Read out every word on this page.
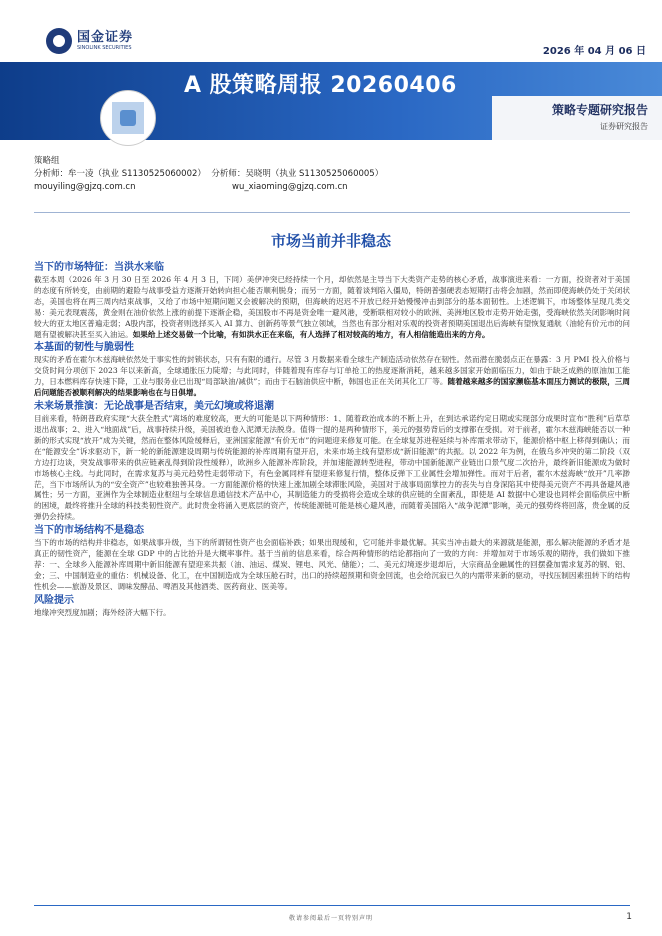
国金证券
SINOLINK SECURITIES	2026 年 04 月 06 日
A 股策略周报 20260406
策略专题研究报告
证券研究报告
策略组
分析师：牟一凌（执业 S1130525060002） 分析师：吴晓明（执业 S1130525060005）
mouyiling@gjzq.com.cn	wu_xiaoming@gjzq.com.cn
市场当前并非稳态
当下的市场特征：当洪水来临

截至本周（2026 年 3 月 30 日至 2026 年 4 月 3 日，下同）美伊冲突已经持续一个月，却依然是主导当下大类资产走势的核心矛盾，战事演进来看：一方面，投资者对于美国的态度有所转变，由前期的避险与战事受益方逐渐开始转向担心能否顺利脱身；而另一方面，随着谈判陷入僵局，特朗普强硬表态短期打击将会加剧，然而即使海峡仍处于关闭状态，美国也将在两三周内结束战事，又给了市场中短期问题又会被解决的预期，但海峡的迟迟不开放已经开始慢慢冲击到部分的基本面韧性。上述逻辑下，市场整体呈现几类交易：美元表现震荡，黄金则在油价依然上涨的前提下逐渐企稳，美国股市不再是资金唯一避风港，受断联相对较小的欧洲、美洲地区股市走势开始走强，受海峡依然关闭影响时间较大的亚太地区普遍走弱；A股内部，投资者则选择买入 AI 算力、创新药等景气独立领域，当然也有部分相对乐观的投资者预期美国退出后海峡有望恢复通航（油轮有价元市的问题有望被解决甚至买入油运。如果给上述交易做一个比喻，有如洪水正在来临，有人选择了相对较高的地方，有人相信能造出来的方舟。

本基面的韧性与脆弱性

现实的矛盾在霍尔木兹海峡依然处于事实性的封锁状态，只有有限的通行。尽管 3 月数据来看全球生产制造活动依然存在韧性。然而潜在脆弱点正在暴露：3 月 PMI 投入价格与交货时间分项创下 2023 年以来新高，全球通胀压力陡增；与此同时，伴随着现有库存与订单抢工的热度逐渐消耗，越来越多国家开始面临压力，如由于缺乏成熟的原油加工能力，日本燃料库存快速下降，工业与服务业已出现“局部缺油/减供”；而由于石脑油供应中断，韩国也正在关闭其化工厂等。随着越来越多的国家濒临基本面压力测试的极限，三周后问题能否被顺利解决的结果影响也在与日俱增。

未来场景推演：无论战事是否结束，美元幻境或将退潮

目前来看，特朗普政府实现“大获全胜式”离场的难度较高，更大的可能是以下两种情形：1、随着政治成本的不断上升，在到达承诺约定日期或实现部分成果时宣布“胜利”后草草退出战事；2、进入“地面战”后，战事持续升级，美国被迫卷入泥潭无法脱身。值得一提的是两种情形下，美元的强势背后的支撑都在受损。对于前者，霍尔木兹海峡能否以一种新的形式实现“放开”成为关键，然而在整体风险缓释后，亚洲国家能源“有价无市”的问题迎来修复可能。在全球复苏进程延续与补库需求带动下，能源价格中枢上移得到确认；而在“能源安全”诉求驱动下，新一轮的新能源建设周期与传统能源的补库周期有望开启，未来市场主线有望形成“新旧能源”的共振。以 2022 年为例，在俄乌乡冲突的第二阶段（双方边打边谈，突发战事带来的供应链紊乱得到阶段性缓释），欧洲乡入能源补库阶段，并加速能源转型进程，带动中国新能源产业链出口景气度二次抬升，最终新旧能源成为做时市场核心主线。与此同时，在需求复苏与美元趋势性走弱带动下，有色金属同样有望迎来修复行情，整体反弹下工业属性会增加弹性。而对于后者，霍尔木兹海峡“放开”几率渺茫，当下市场所认为的“安全资产”也较难独善其身。一方面能源价格的快速上涨加剧全球滞胀风险，美国对于战事局面掌控力的丧失与自身深陷其中使得美元资产不再具备避风港属性；另一方面，亚洲作为全球制造业枢纽与全球信息通信技术产品中心，其制造能力的受损将会造成全球的供应链的全面紊乱，即使是 AI 数据中心建设也同样会面临供应中断的困境，最终将推升全球的科技类韧性资产。此时贵金将涌入更底层的资产，传统能源链可能是核心避风港，而随着美国陷入“战争泥潭”影响，美元的强势终将回落，贵金属的反弹仍会持续。

当下的市场结构不是稳态

当下的市场的结构并非稳态，如果战事升级，当下的所谓韧性资产也会面临补跌；如果出现缓和，它可能并非最优解。其实当冲击最大的来源就是能源，那么解决能源的矛盾才是真正的韧性资产，能源在全球 GDP 中的占比抬升是大概率事件。基于当前的信息来看，综合两种情形的结论都指向了一致的方向：并增加对于市场乐观的期待，我们做如下推荐：一、全球乡入能源补库周期中新旧能源有望迎来共振（油、油运、煤炭、锂电、风光、储能）；二、美元幻境逐步退却后，大宗商品金融属性的回摆叠加需求复苏的钢、铝、金；三、中国制造业的重估：机械设备、化工，在中国制造成为全球压舱石时，出口的持续超预期和资金回流，也会给沉寂已久的内需带来新的驱动，寻找压制因素扭转下的结构性机会——旅游及景区、调味发酵品、啤酒及其他酒类、医药商业、医美等。

风险提示

地缘冲突烈度加剧；海外经济大幅下行。

敬请参阅最后一页特别声明	1
